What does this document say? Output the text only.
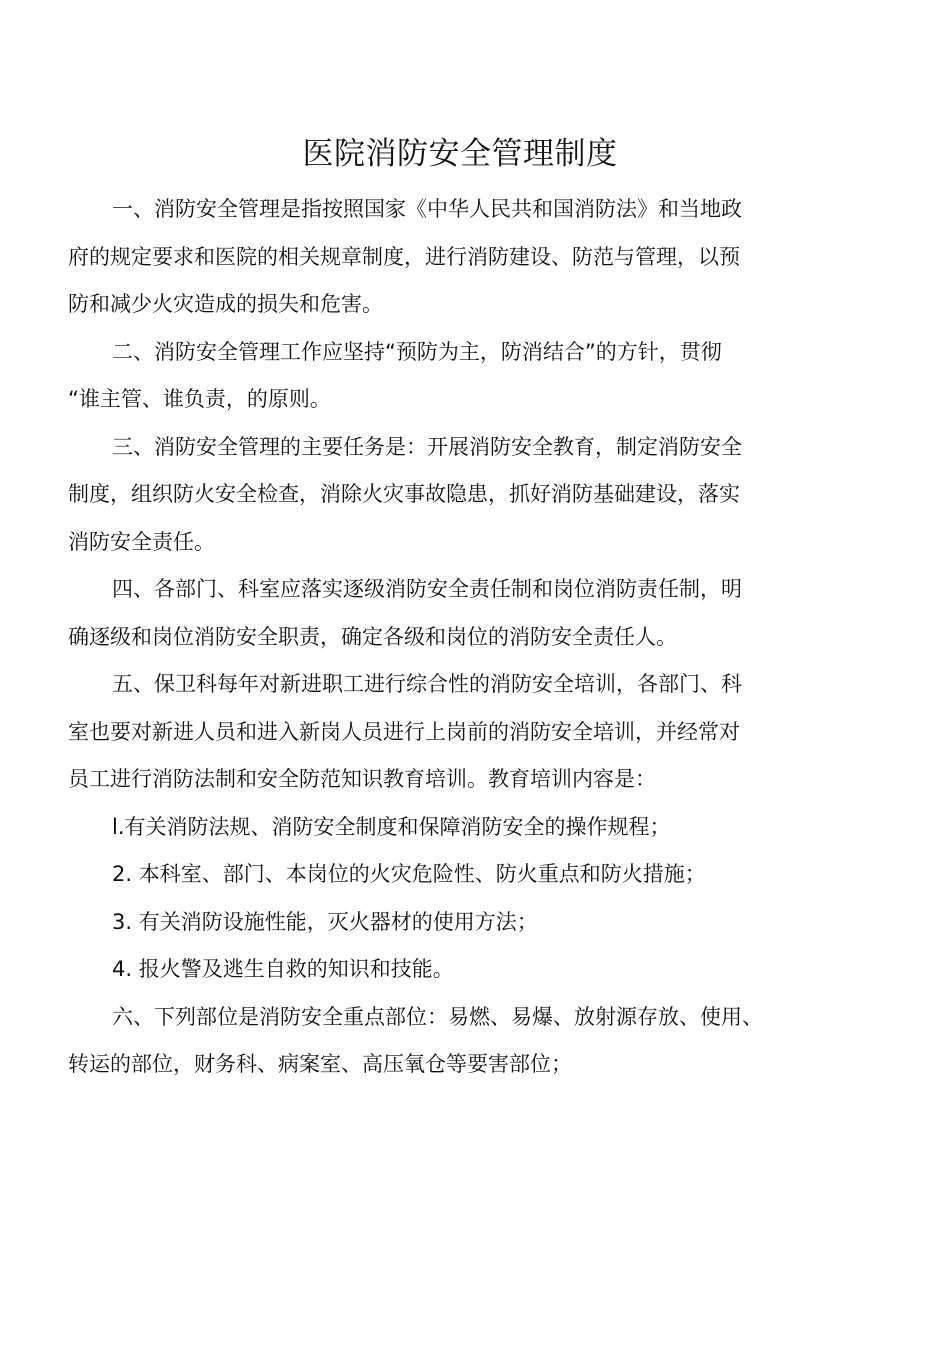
医院消防安全管理制度

一、消防安全管理是指按照国家《中华人民共和国消防法》和当地政

府的规定要求和医院的相关规章制度，进行消防建设、防范与管理，以预

防和减少火灾造成的损失和危害。

二、消防安全管理工作应坚持“预防为主，防消结合”的方针，贯彻

“谁主管、谁负责，的原则。

三、消防安全管理的主要任务是：开展消防安全教育，制定消防安全

制度，组织防火安全检查，消除火灾事故隐患，抓好消防基础建设，落实

消防安全责任。

四、各部门、科室应落实逐级消防安全责任制和岗位消防责任制，明

确逐级和岗位消防安全职责，确定各级和岗位的消防安全责任人。

五、保卫科每年对新进职工进行综合性的消防安全培训，各部门、科

室也要对新进人员和进入新岗人员进行上岗前的消防安全培训，并经常对

员工进行消防法制和安全防范知识教育培训。教育培训内容是：

l.有关消防法规、消防安全制度和保障消防安全的操作规程；

2. 本科室、部门、本岗位的火灾危险性、防火重点和防火措施；

3. 有关消防设施性能，灭火器材的使用方法；

4. 报火警及逃生自救的知识和技能。

六、下列部位是消防安全重点部位：易燃、易爆、放射源存放、使用、

转运的部位，财务科、病案室、高压氧仓等要害部位；
